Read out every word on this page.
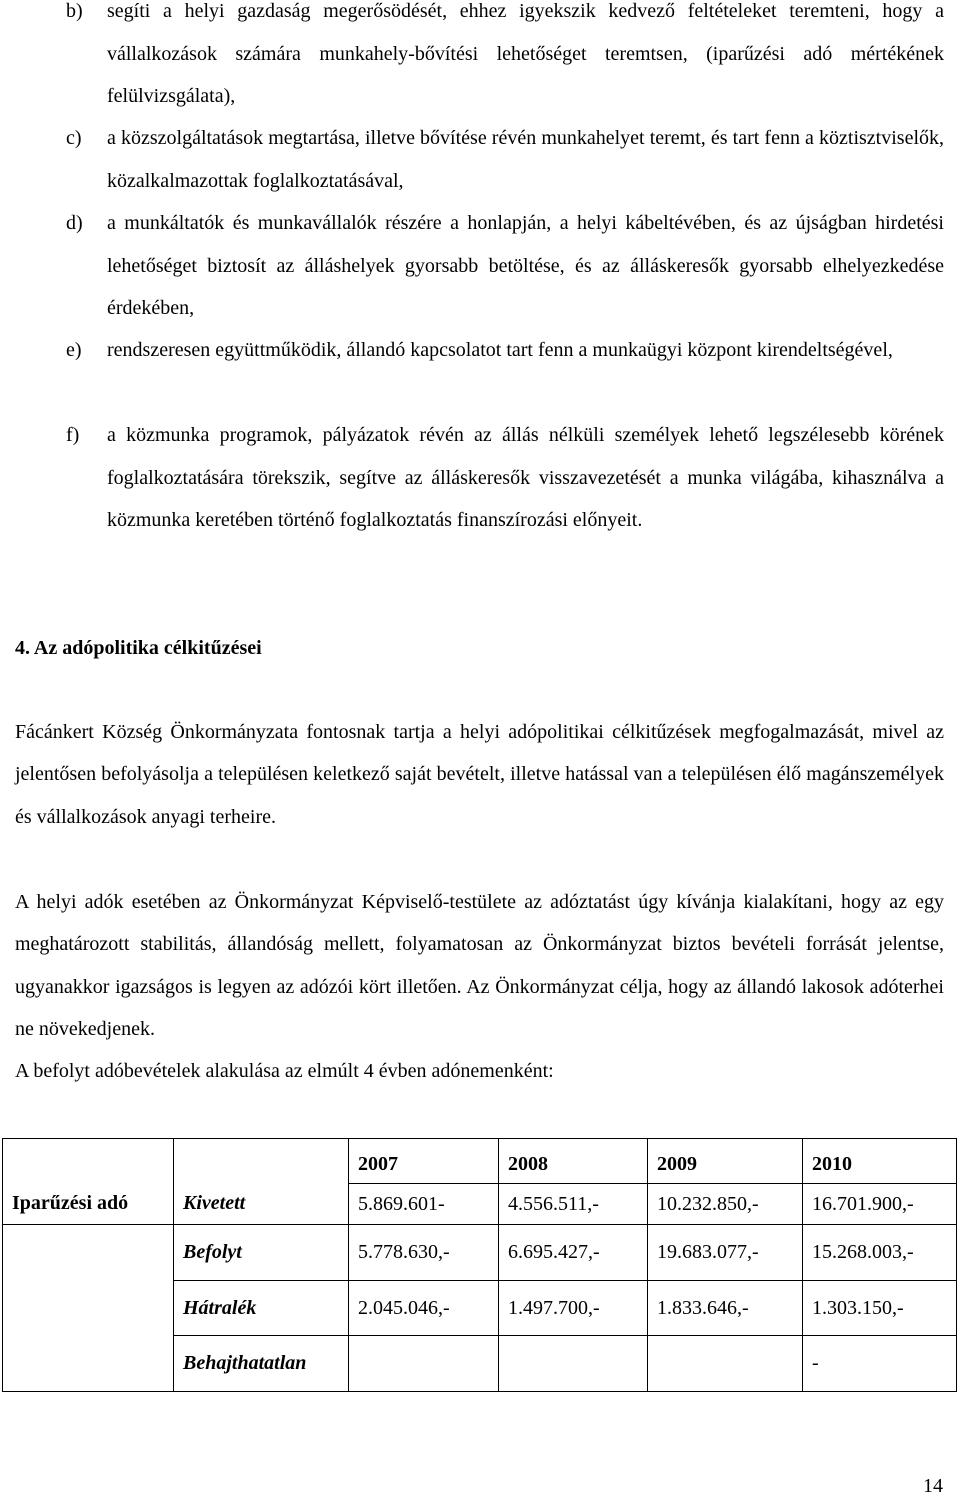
b) segíti a helyi gazdaság megerősödését, ehhez igyekszik kedvező feltételeket teremteni, hogy a vállalkozások számára munkahely-bővítési lehetőséget teremtsen, (iparűzési adó mértékének felülvizsgálata),
c) a közszolgáltatások megtartása, illetve bővítése révén munkahelyet teremt, és tart fenn a köztisztviselők, közalkalmazottak foglalkoztatásával,
d) a munkáltatók és munkavállalók részére a honlapján, a helyi kábeltévében, és az újságban hirdetési lehetőséget biztosít az álláshelyek gyorsabb betöltése, és az álláskeresők gyorsabb elhelyezkedése érdekében,
e) rendszeresen együttműködik, állandó kapcsolatot tart fenn a munkaügyi központ kirendeltségével,
f) a közmunka programok, pályázatok révén az állás nélküli személyek lehető legszélesebb körének foglalkoztatására törekszik, segítve az álláskeresők visszavezetését a munka világába, kihasználva a közmunka keretében történő foglalkoztatás finanszírozási előnyeit.
4. Az adópolitika célkitűzései
Fácánkert Község Önkormányzata fontosnak tartja a helyi adópolitikai célkitűzések megfogalmazását, mivel az jelentősen befolyásolja a településen keletkező saját bevételt, illetve hatással van a településen élő magánszemélyek és vállalkozások anyagi terheire.
A helyi adók esetében az Önkormányzat Képviselő-testülete az adóztatást úgy kívánja kialakítani, hogy az egy meghatározott stabilitás, állandóság mellett, folyamatosan az Önkormányzat biztos bevételi forrását jelentse, ugyanakkor igazságos is legyen az adózói kört illetően. Az Önkormányzat célja, hogy az állandó lakosok adóterhei ne növekedjenek.
A befolyt adóbevételek alakulása az elmúlt 4 évben adónemenként:
		2007	2008	2009	2010
Iparűzési adó	Kivetett	5.869.601-	4.556.511,-	10.232.850,-	16.701.900,-
	Befolyt	5.778.630,-	6.695.427,-	19.683.077,-	15.268.003,-
	Hátralék	2.045.046,-	1.497.700,-	1.833.646,-	1.303.150,-
	Behajthatatlan				-
14
